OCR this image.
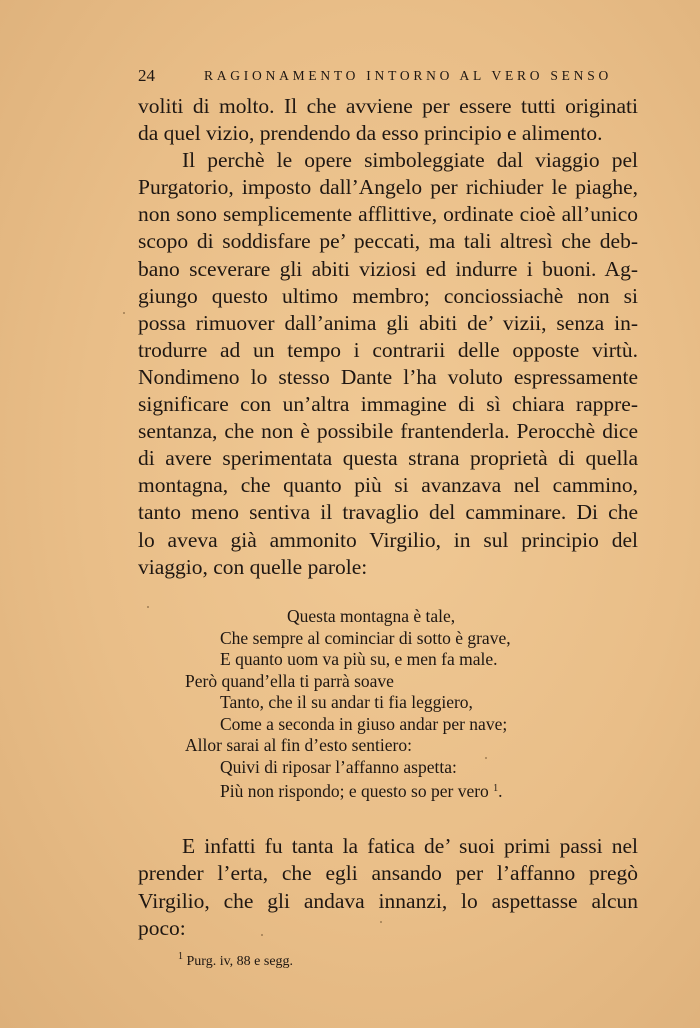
24	RAGIONAMENTO INTORNO AL VERO SENSO
voliti di molto. Il che avviene per essere tutti originati
da quel vizio, prendendo da esso principio e alimento.
Il perchè le opere simboleggiate dal viaggio pel
Purgatorio, imposto dall’Angelo per richiuder le piaghe,
non sono semplicemente afflittive, ordinate cioè all’unico
scopo di soddisfare pe’ peccati, ma tali altresì che deb-
bano sceverare gli abiti viziosi ed indurre i buoni. Ag-
giungo questo ultimo membro; conciossiachè non si
possa rimuover dall’anima gli abiti de’ vizii, senza in-
trodurre ad un tempo i contrarii delle opposte virtù.
Nondimeno lo stesso Dante l’ha voluto espressamente
significare con un’altra immagine di sì chiara rappre-
sentanza, che non è possibile frantenderla. Perocchè dice
di avere sperimentata questa strana proprietà di quella
montagna, che quanto più si avanzava nel cammino,
tanto meno sentiva il travaglio del camminare. Di che
lo aveva già ammonito Virgilio, in sul principio del
viaggio, con quelle parole:
Questa montagna è tale,
Che sempre al cominciar di sotto è grave,
E quanto uom va più su, e men fa male.
Però quand’ella ti parrà soave
Tanto, che il su andar ti fia leggiero,
Come a seconda in giuso andar per nave;
Allor sarai al fin d’esto sentiero:
Quivi di riposar l’affanno aspetta:
Più non rispondo; e questo so per vero $^1$.
E infatti fu tanta la fatica de’ suoi primi passi nel
prender l’erta, che egli ansando per l’affanno pregò
Virgilio, che gli andava innanzi, lo aspettasse alcun
poco:
$^1$ Purg. iv, 88 e segg.
